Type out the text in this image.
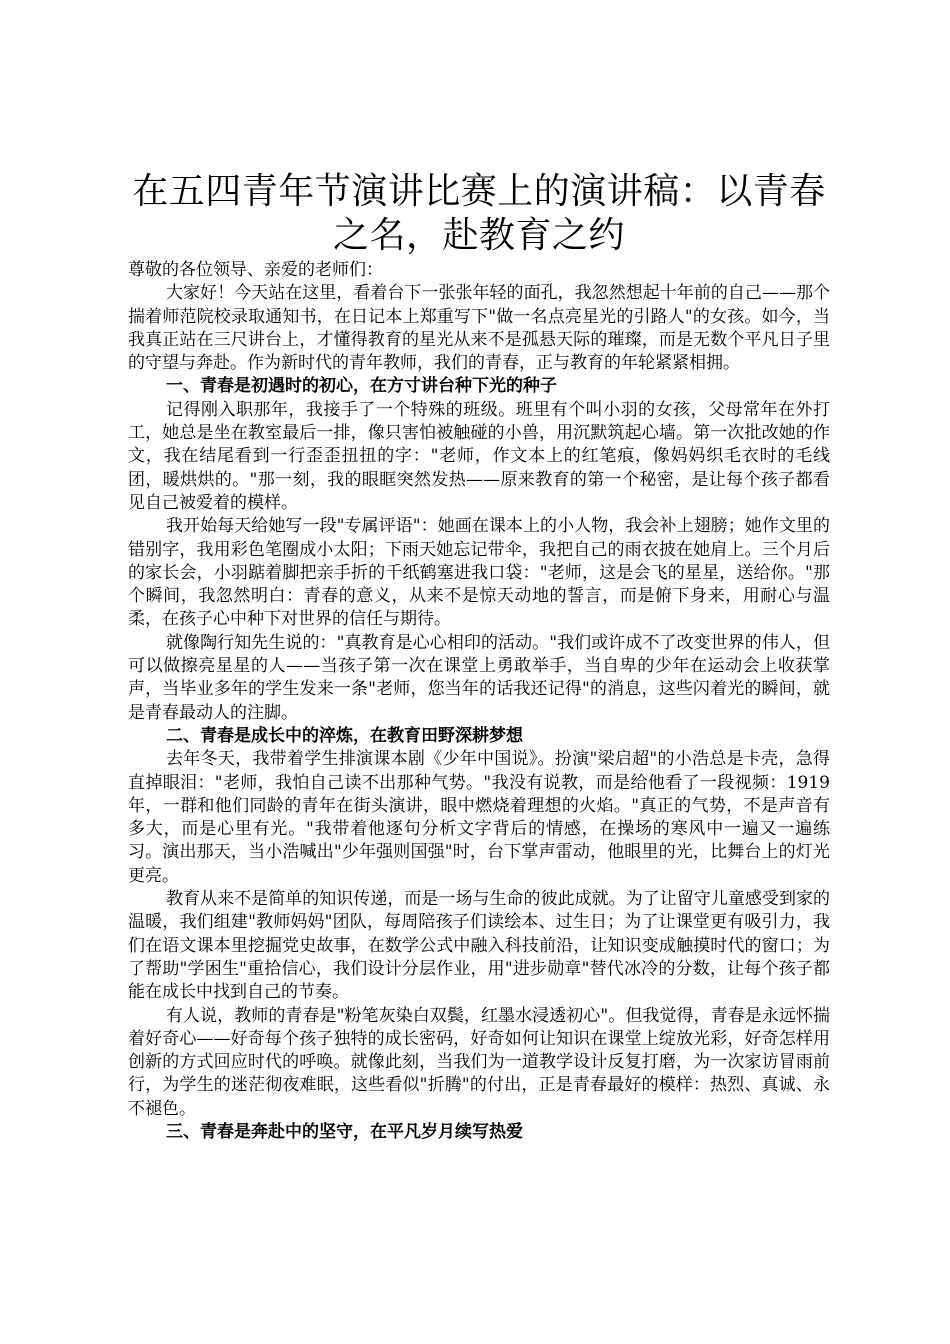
在五四青年节演讲比赛上的演讲稿：以青春之名，赴教育之约

尊敬的各位领导、亲爱的老师们：

大家好！今天站在这里，看着台下一张张年轻的面孔，我忽然想起十年前的自己——那个揣着师范院校录取通知书，在日记本上郑重写下"做一名点亮星光的引路人"的女孩。如今，当我真正站在三尺讲台上，才懂得教育的星光从来不是孤悬天际的璀璨，而是无数个平凡日子里的守望与奔赴。作为新时代的青年教师，我们的青春，正与教育的年轮紧紧相拥。

一、青春是初遇时的初心，在方寸讲台种下光的种子

记得刚入职那年，我接手了一个特殊的班级。班里有个叫小羽的女孩，父母常年在外打工，她总是坐在教室最后一排，像只害怕被触碰的小兽，用沉默筑起心墙。第一次批改她的作文，我在结尾看到一行歪歪扭扭的字："老师，作文本上的红笔痕，像妈妈织毛衣时的毛线团，暖烘烘的。"那一刻，我的眼眶突然发热——原来教育的第一个秘密，是让每个孩子都看见自己被爱着的模样。

我开始每天给她写一段"专属评语"：她画在课本上的小人物，我会补上翅膀；她作文里的错别字，我用彩色笔圈成小太阳；下雨天她忘记带伞，我把自己的雨衣披在她肩上。三个月后的家长会，小羽踮着脚把亲手折的千纸鹤塞进我口袋："老师，这是会飞的星星，送给你。"那个瞬间，我忽然明白：青春的意义，从来不是惊天动地的誓言，而是俯下身来，用耐心与温柔，在孩子心中种下对世界的信任与期待。

就像陶行知先生说的："真教育是心心相印的活动。"我们或许成不了改变世界的伟人，但可以做擦亮星星的人——当孩子第一次在课堂上勇敢举手，当自卑的少年在运动会上收获掌声，当毕业多年的学生发来一条"老师，您当年的话我还记得"的消息，这些闪着光的瞬间，就是青春最动人的注脚。

二、青春是成长中的淬炼，在教育田野深耕梦想

去年冬天，我带着学生排演课本剧《少年中国说》。扮演"梁启超"的小浩总是卡壳，急得直掉眼泪："老师，我怕自己读不出那种气势。"我没有说教，而是给他看了一段视频：1919年，一群和他们同龄的青年在街头演讲，眼中燃烧着理想的火焰。"真正的气势，不是声音有多大，而是心里有光。"我带着他逐句分析文字背后的情感，在操场的寒风中一遍又一遍练习。演出那天，当小浩喊出"少年强则国强"时，台下掌声雷动，他眼里的光，比舞台上的灯光更亮。

教育从来不是简单的知识传递，而是一场与生命的彼此成就。为了让留守儿童感受到家的温暖，我们组建"教师妈妈"团队，每周陪孩子们读绘本、过生日；为了让课堂更有吸引力，我们在语文课本里挖掘党史故事，在数学公式中融入科技前沿，让知识变成触摸时代的窗口；为了帮助"学困生"重拾信心，我们设计分层作业，用"进步勋章"替代冰冷的分数，让每个孩子都能在成长中找到自己的节奏。

有人说，教师的青春是"粉笔灰染白双鬓，红墨水浸透初心"。但我觉得，青春是永远怀揣着好奇心——好奇每个孩子独特的成长密码，好奇如何让知识在课堂上绽放光彩，好奇怎样用创新的方式回应时代的呼唤。就像此刻，当我们为一道教学设计反复打磨，为一次家访冒雨前行，为学生的迷茫彻夜难眠，这些看似"折腾"的付出，正是青春最好的模样：热烈、真诚、永不褪色。

三、青春是奔赴中的坚守，在平凡岁月续写热爱
